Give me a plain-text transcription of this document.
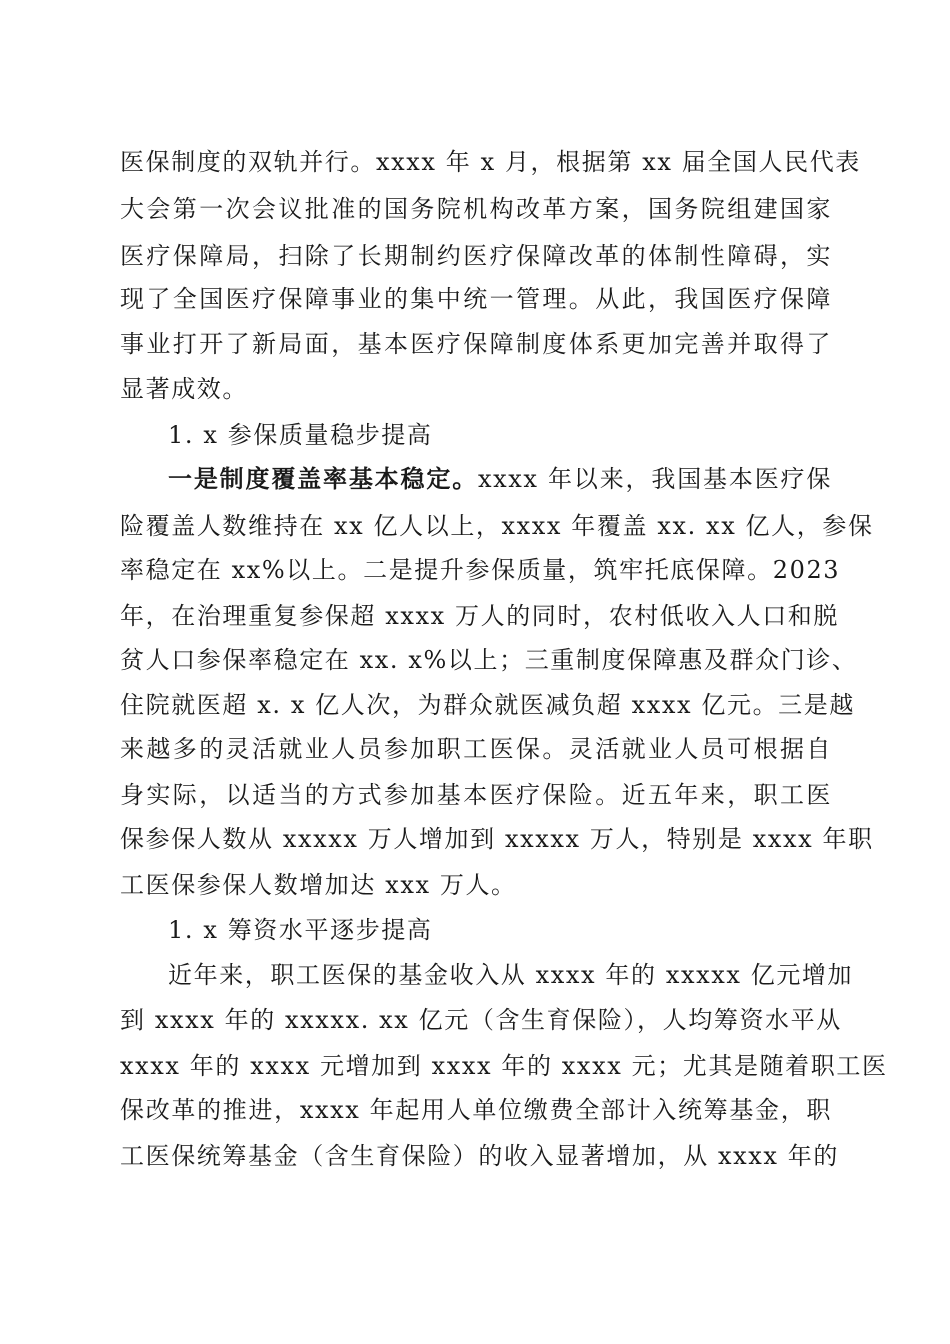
医保制度的双轨并行。xxxx 年 x 月，根据第 xx 届全国人民代表
大会第一次会议批准的国务院机构改革方案，国务院组建国家
医疗保障局，扫除了长期制约医疗保障改革的体制性障碍，实
现了全国医疗保障事业的集中统一管理。从此，我国医疗保障
事业打开了新局面，基本医疗保障制度体系更加完善并取得了
显著成效。
1. x 参保质量稳步提高
一是制度覆盖率基本稳定。xxxx 年以来，我国基本医疗保
险覆盖人数维持在 xx 亿人以上，xxxx 年覆盖 xx. xx 亿人，参保
率稳定在 xx%以上。二是提升参保质量，筑牢托底保障。2023
年，在治理重复参保超 xxxx 万人的同时，农村低收入人口和脱
贫人口参保率稳定在 xx. x%以上；三重制度保障惠及群众门诊、
住院就医超 x. x 亿人次，为群众就医减负超 xxxx 亿元。三是越
来越多的灵活就业人员参加职工医保。灵活就业人员可根据自
身实际，以适当的方式参加基本医疗保险。近五年来，职工医
保参保人数从 xxxxx 万人增加到 xxxxx 万人，特别是 xxxx 年职
工医保参保人数增加达 xxx 万人。
1. x 筹资水平逐步提高
近年来，职工医保的基金收入从 xxxx 年的 xxxxx 亿元增加
到 xxxx 年的 xxxxx. xx 亿元（含生育保险），人均筹资水平从
xxxx 年的 xxxx 元增加到 xxxx 年的 xxxx 元；尤其是随着职工医
保改革的推进，xxxx 年起用人单位缴费全部计入统筹基金，职
工医保统筹基金（含生育保险）的收入显著增加，从 xxxx 年的
